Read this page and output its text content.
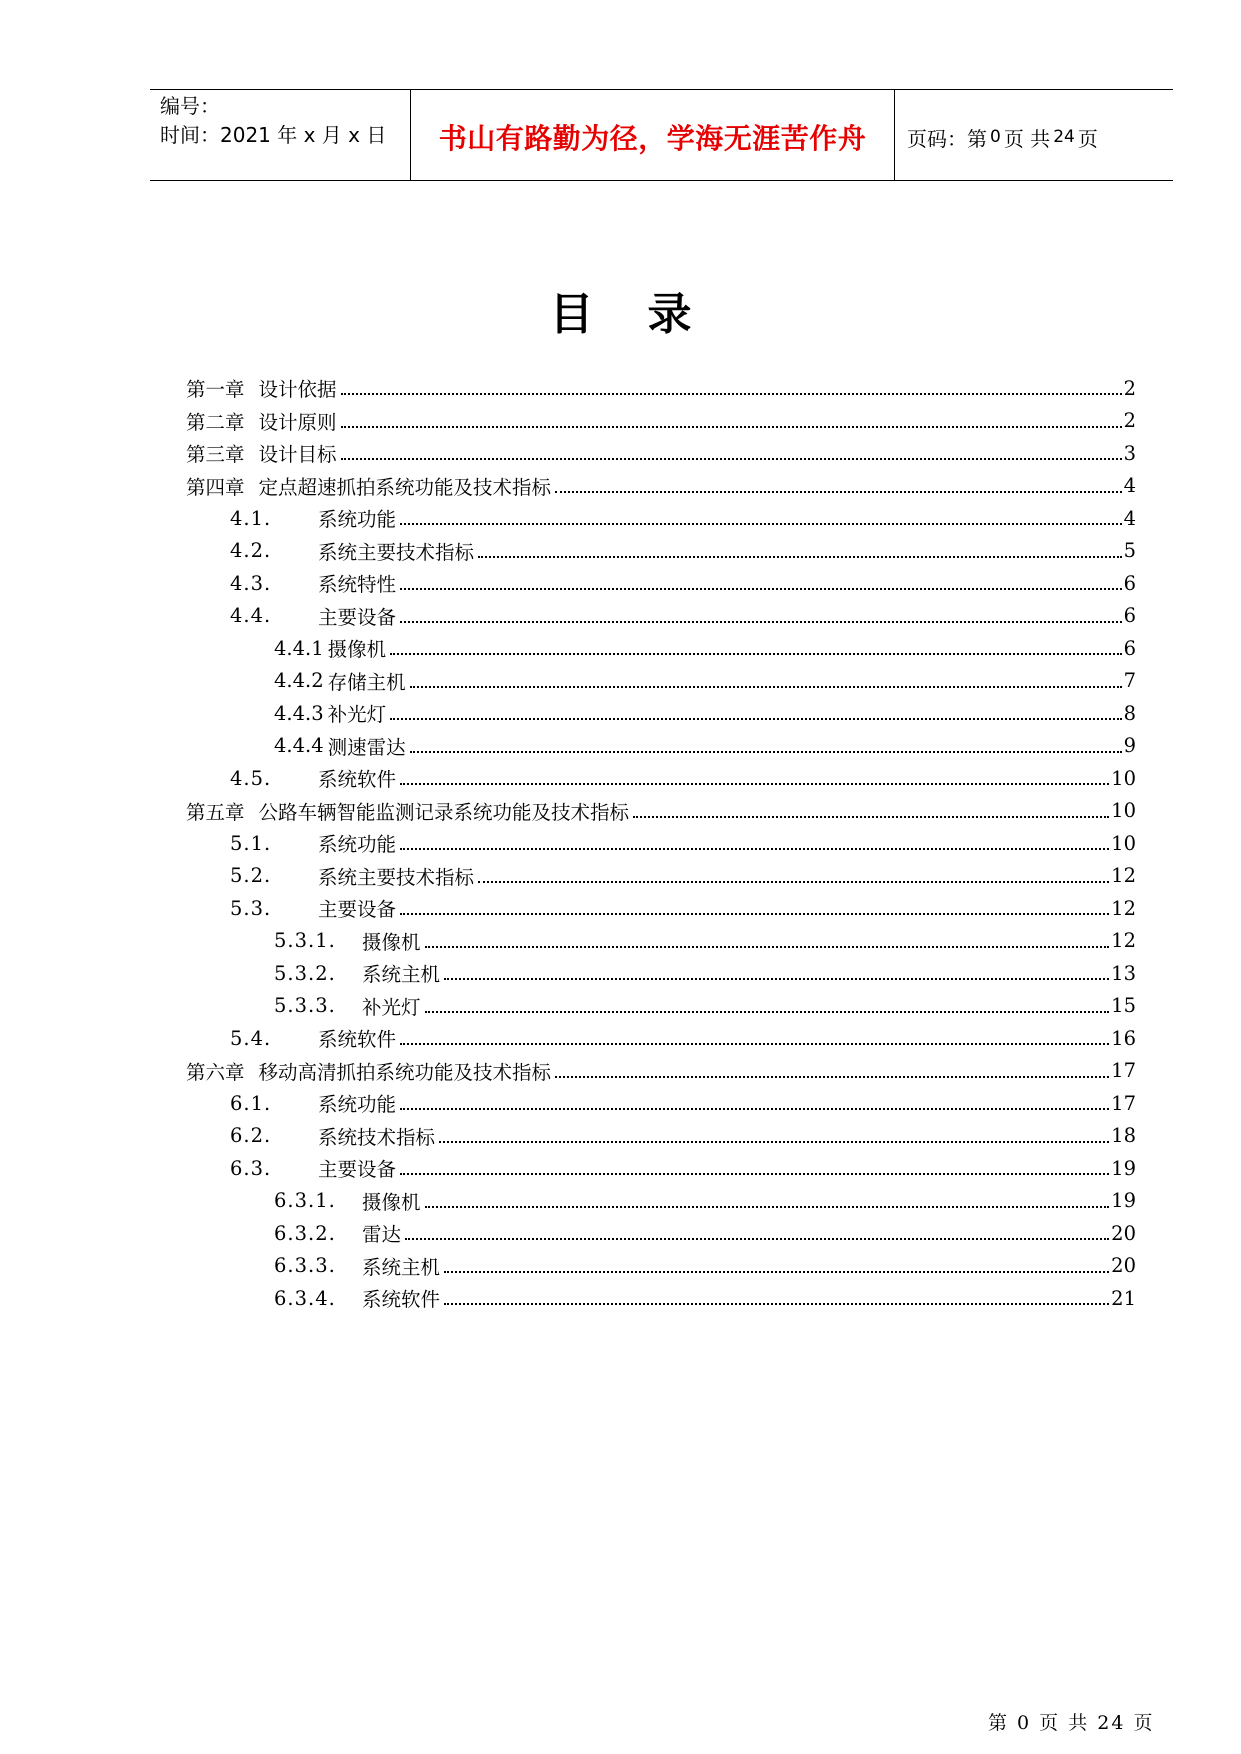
编号：
时间：2021 年 x 月 x 日	书山有路勤为径，学海无涯苦作舟 页码：第 0 页 共 24 页
目录
第一章 设计依据	2
第二章 设计原则	2
第三章 设计目标	3
第四章 定点超速抓拍系统功能及技术指标	4
4.1.	系统功能	4
4.2.	系统主要技术指标	5
4.3.	系统特性	6
4.4.	主要设备	6
4.4.1 摄像机	6
4.4.2 存储主机	7
4.4.3 补光灯	8
4.4.4 测速雷达	9
4.5.	系统软件	10
第五章 公路车辆智能监测记录系统功能及技术指标	10
5.1.	系统功能	10
5.2.	系统主要技术指标	12
5.3.	主要设备	12
5.3.1.	摄像机	12
5.3.2.	系统主机	13
5.3.3.	补光灯	15
5.4.	系统软件	16
第六章 移动高清抓拍系统功能及技术指标	17
6.1.	系统功能	17
6.2.	系统技术指标	18
6.3.	主要设备	19
6.3.1.	摄像机	19
6.3.2.	雷达	20
6.3.3.	系统主机	20
6.3.4.	系统软件	21
第 0 页 共 24 页
